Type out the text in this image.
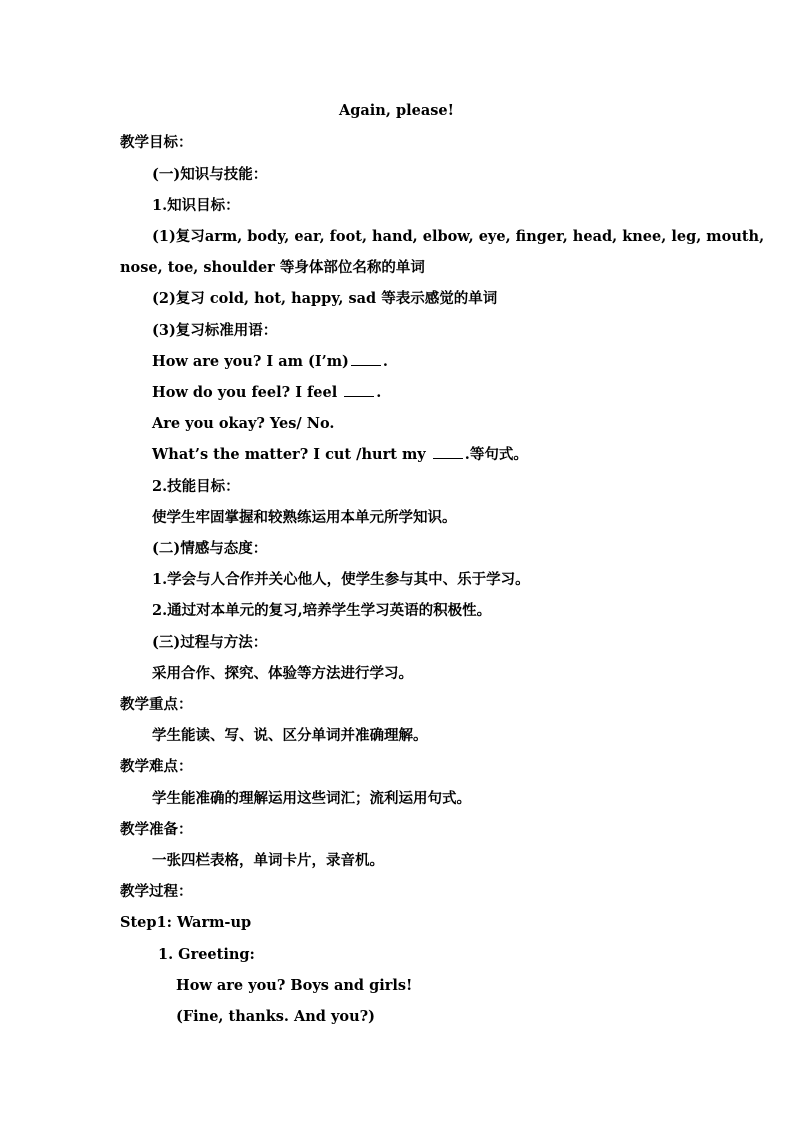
Again, please!
教学目标：
(一)知识与技能：
1.知识目标：
(1)复习 arm, body, ear, foot, hand, elbow, eye, finger, head, knee, leg, mouth,
nose, toe, shoulder 等身体部位名称的单词
(2)复习 cold, hot, happy, sad 等表示感觉的单词
(3)复习标准用语：
How are you? I am (I’m) .
How do you feel? I feel	.
Are you okay? Yes/ No.
What’s the matter? I cut /hurt my	.等句式。
2.技能目标：
使学生牢固掌握和较熟练运用本单元所学知识。
(二)情感与态度：
1.学会与人合作并关心他人，使学生参与其中、乐于学习。
2.通过对本单元的复习,培养学生学习英语的积极性。
(三)过程与方法：
采用合作、探究、体验等方法进行学习。
教学重点：
学生能读、写、说、区分单词并准确理解。
教学难点：
学生能准确的理解运用这些词汇；流利运用句式。
教学准备：
一张四栏表格，单词卡片，录音机。
教学过程：
Step1: Warm-up
1. Greeting:
How are you? Boys and girls!
(Fine, thanks. And you?)
